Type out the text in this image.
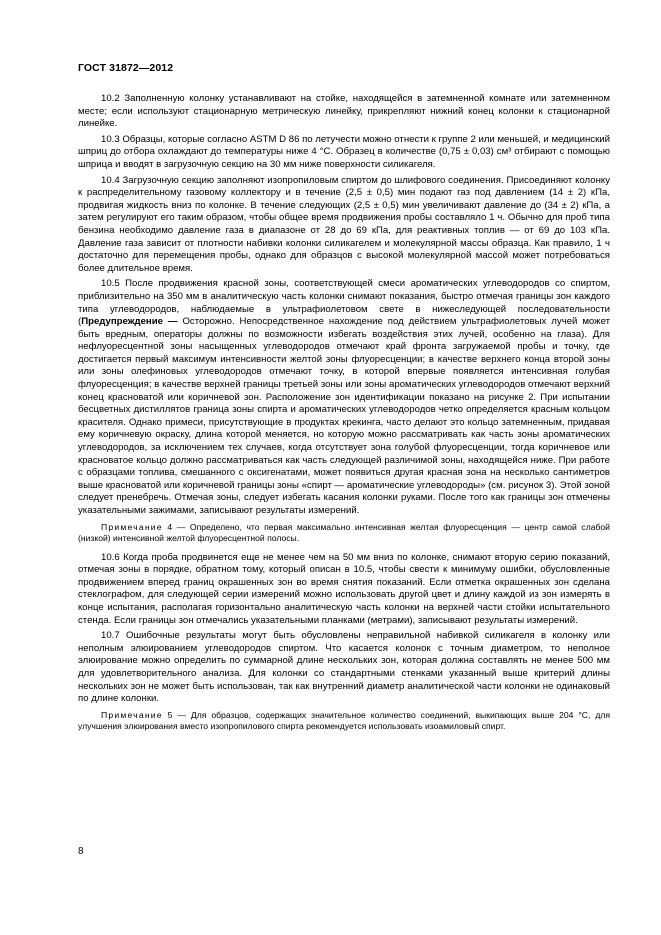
ГОСТ 31872—2012

10.2 Заполненную колонку устанавливают на стойке, находящейся в затемненной комнате или затемненном месте; если используют стационарную метрическую линейку, прикрепляют нижний конец колонки к стационарной линейке.

10.3 Образцы, которые согласно ASTM D 86 по летучести можно отнести к группе 2 или меньшей, и медицинский шприц до отбора охлаждают до температуры ниже 4 °С. Образец в количестве (0,75 ± 0,03) см³ отбирают с помощью шприца и вводят в загрузочную секцию на 30 мм ниже поверхности силикагеля.

10.4 Загрузочную секцию заполняют изопропиловым спиртом до шлифового соединения. Присоединяют колонку к распределительному газовому коллектору и в течение (2,5 ± 0,5) мин подают газ под давлением (14 ± 2) кПа, продвигая жидкость вниз по колонке. В течение следующих (2,5 ± 0,5) мин увеличивают давление до (34 ± 2) кПа, а затем регулируют его таким образом, чтобы общее время продвижения пробы составляло 1 ч. Обычно для проб типа бензина необходимо давление газа в диапазоне от 28 до 69 кПа, для реактивных топлив — от 69 до 103 кПа. Давление газа зависит от плотности набивки колонки силикагелем и молекулярной массы образца. Как правило, 1 ч достаточно для перемещения пробы, однако для образцов с высокой молекулярной массой может потребоваться более длительное время.

10.5 После продвижения красной зоны, соответствующей смеси ароматических углеводородов со спиртом, приблизительно на 350 мм в аналитическую часть колонки снимают показания, быстро отмечая границы зон каждого типа углеводородов, наблюдаемые в ультрафиолетовом свете в нижеследующей последовательности (Предупреждение — Осторожно. Непосредственное нахождение под действием ультрафиолетовых лучей может быть вредным, операторы должны по возможности избегать воздействия этих лучей, особенно на глаза). Для нефлуоресцентной зоны насыщенных углеводородов отмечают край фронта загружаемой пробы и точку, где достигается первый максимум интенсивности желтой зоны флуоресценции; в качестве верхнего конца второй зоны или зоны олефиновых углеводородов отмечают точку, в которой впервые появляется интенсивная голубая флуоресценция; в качестве верхней границы третьей зоны или зоны ароматических углеводородов отмечают верхний конец красноватой или коричневой зон. Расположение зон идентификации показано на рисунке 2. При испытании бесцветных дистиллятов граница зоны спирта и ароматических углеводородов четко определяется красным кольцом красителя. Однако примеси, присутствующие в продуктах крекинга, часто делают это кольцо затемненным, придавая ему коричневую окраску, длина которой меняется, но которую можно рассматривать как часть зоны ароматических углеводородов, за исключением тех случаев, когда отсутствует зона голубой флуоресценции, тогда коричневое или красноватое кольцо должно рассматриваться как часть следующей различимой зоны, находящейся ниже. При работе с образцами топлива, смешанного с оксигенатами, может появиться другая красная зона на несколько сантиметров выше красноватой или коричневой границы зоны «спирт — ароматические углеводороды» (см. рисунок 3). Этой зоной следует пренебречь. Отмечая зоны, следует избегать касания колонки руками. После того как границы зон отмечены указательными зажимами, записывают результаты измерений.

Примечание 4 — Определено, что первая максимально интенсивная желтая флуоресценция — центр самой слабой (низкой) интенсивной желтой флуоресцентной полосы.

10.6 Когда проба продвинется еще не менее чем на 50 мм вниз по колонке, снимают вторую серию показаний, отмечая зоны в порядке, обратном тому, который описан в 10.5, чтобы свести к минимуму ошибки, обусловленные продвижением вперед границ окрашенных зон во время снятия показаний. Если отметка окрашенных зон сделана стеклографом, для следующей серии измерений можно использовать другой цвет и длину каждой из зон измерять в конце испытания, располагая горизонтально аналитическую часть колонки на верхней части стойки испытательного стенда. Если границы зон отмечались указательными планками (метрами), записывают результаты измерений.

10.7 Ошибочные результаты могут быть обусловлены неправильной набивкой силикагеля в колонку или неполным элюированием углеводородов спиртом. Что касается колонок с точным диаметром, то неполное элюирование можно определить по суммарной длине нескольких зон, которая должна составлять не менее 500 мм для удовлетворительного анализа. Для колонки со стандартными стенками указанный выше критерий длины нескольких зон не может быть использован, так как внутренний диаметр аналитической части колонки не одинаковый по длине колонки.

Примечание 5 — Для образцов, содержащих значительное количество соединений, выкипающих выше 204 °С, для улучшения элюирования вместо изопропилового спирта рекомендуется использовать изоамиловый спирт.
8
